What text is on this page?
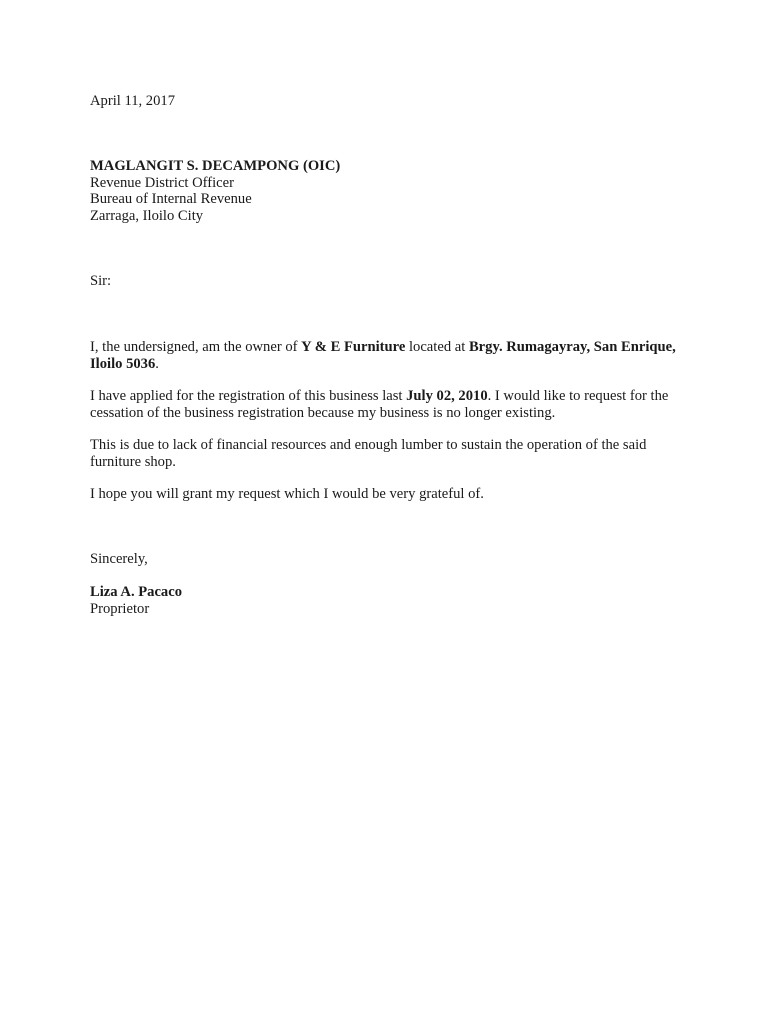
April 11, 2017
MAGLANGIT S. DECAMPONG (OIC)
Revenue District Officer
Bureau of Internal Revenue
Zarraga, Iloilo City
Sir:
I, the undersigned, am the owner of Y & E Furniture located at Brgy. Rumagayray, San Enrique, Iloilo 5036.
I have applied for the registration of this business last July 02, 2010. I would like to request for the cessation of the business registration because my business is no longer existing.
This is due to lack of financial resources and enough lumber to sustain the operation of the said furniture shop.
I hope you will grant my request which I would be very grateful of.
Sincerely,
Liza A. Pacaco
Proprietor
